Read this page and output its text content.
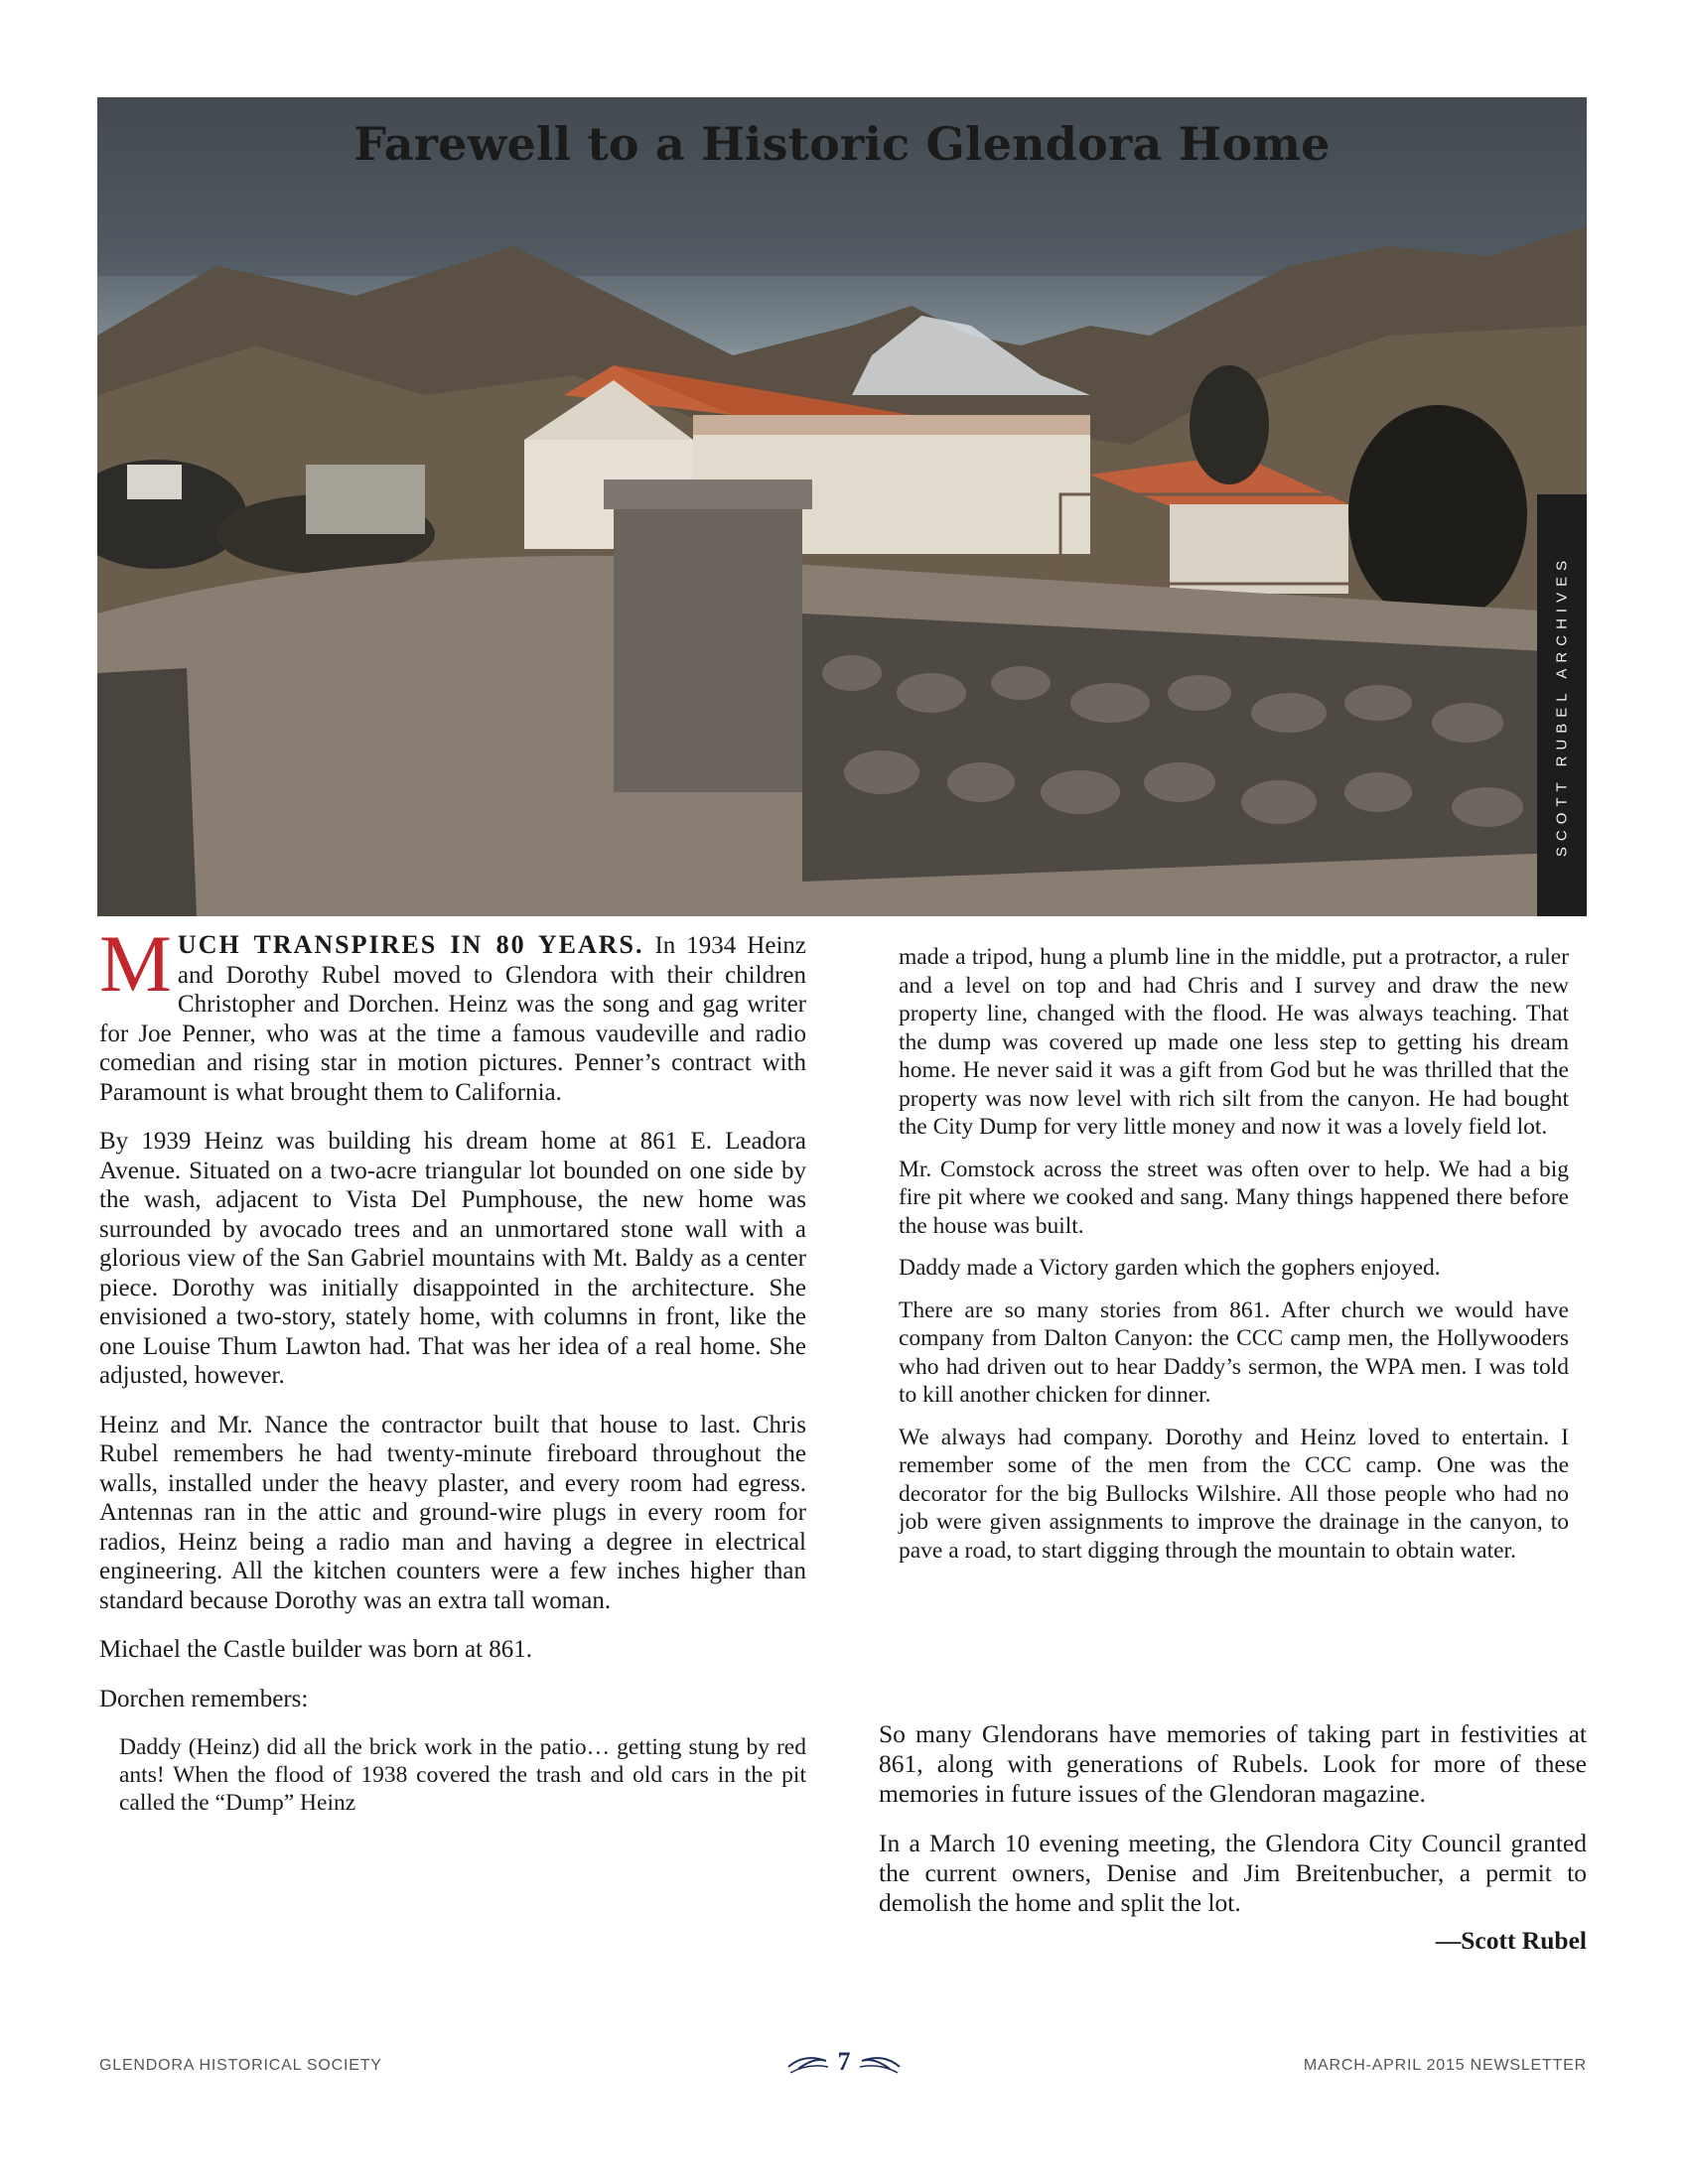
Farewell to a Historic Glendora Home
SCOTT RUBEL ARCHIVES

MUCH TRANSPIRES IN 80 YEARS. In 1934 Heinz and Dorothy Rubel moved to Glendora with their children Christopher and Dorchen. Heinz was the song and gag writer for Joe Penner, who was at the time a famous vaudeville and radio comedian and rising star in motion pictures. Penner’s contract with Paramount is what brought them to California.

By 1939 Heinz was building his dream home at 861 E. Leadora Avenue. Situated on a two-acre triangular lot bounded on one side by the wash, adjacent to Vista Del Pumphouse, the new home was surrounded by avocado trees and an unmortared stone wall with a glorious view of the San Gabriel mountains with Mt. Baldy as a center piece. Dorothy was initially disappointed in the architecture. She envisioned a two-story, stately home, with columns in front, like the one Louise Thum Lawton had. That was her idea of a real home. She adjusted, however.

Heinz and Mr. Nance the contractor built that house to last. Chris Rubel remembers he had twenty-minute fireboard throughout the walls, installed under the heavy plaster, and every room had egress. Antennas ran in the attic and ground-wire plugs in every room for radios, Heinz being a radio man and having a degree in electrical engineering. All the kitchen counters were a few inches higher than standard because Dorothy was an extra tall woman.

Michael the Castle builder was born at 861.

Dorchen remembers:

Daddy (Heinz) did all the brick work in the patio… getting stung by red ants! When the flood of 1938 covered the trash and old cars in the pit called the “Dump” Heinz

made a tripod, hung a plumb line in the middle, put a protractor, a ruler and a level on top and had Chris and I survey and draw the new property line, changed with the flood. He was always teaching. That the dump was covered up made one less step to getting his dream home. He never said it was a gift from God but he was thrilled that the property was now level with rich silt from the canyon. He had bought the City Dump for very little money and now it was a lovely field lot.

Mr. Comstock across the street was often over to help. We had a big fire pit where we cooked and sang. Many things happened there before the house was built.

Daddy made a Victory garden which the gophers enjoyed.

There are so many stories from 861. After church we would have company from Dalton Canyon: the CCC camp men, the Hollywooders who had driven out to hear Daddy’s sermon, the WPA men. I was told to kill another chicken for dinner.

We always had company. Dorothy and Heinz loved to entertain. I remember some of the men from the CCC camp. One was the decorator for the big Bullocks Wilshire. All those people who had no job were given assignments to improve the drainage in the canyon, to pave a road, to start digging through the mountain to obtain water.

So many Glendorans have memories of taking part in festivities at 861, along with generations of Rubels. Look for more of these memories in future issues of the Glendoran magazine.

In a March 10 evening meeting, the Glendora City Council granted the current owners, Denise and Jim Breitenbucher, a permit to demolish the home and split the lot.

—Scott Rubel

GLENDORA HISTORICAL SOCIETY	7	MARCH-APRIL 2015 NEWSLETTER
